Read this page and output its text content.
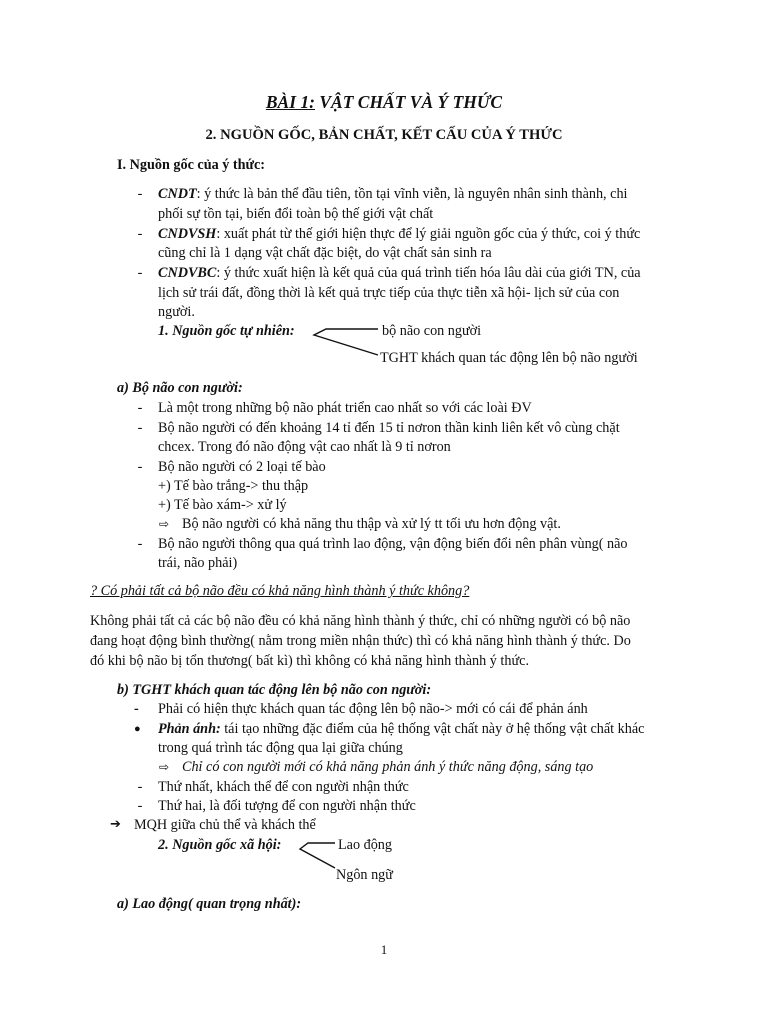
BÀI 1: VẬT CHẤT VÀ Ý THỨC
2. NGUỒN GỐC, BẢN CHẤT, KẾT CẤU CỦA Ý THỨC
I. Nguồn gốc của ý thức:
- CNDT: ý thức là bản thể đầu tiên, tồn tại vĩnh viễn, là nguyên nhân sinh thành, chi
phối sự tồn tại, biến đổi toàn bộ thế giới vật chất
- CNDVSH: xuất phát từ thế giới hiện thực để lý giải nguồn gốc của ý thức, coi ý thức
cũng chỉ là 1 dạng vật chất đặc biệt, do vật chất sản sinh ra
- CNDVBC: ý thức xuất hiện là kết quả của quá trình tiến hóa lâu dài của giới TN, của
lịch sử trái đất, đồng thời là kết quả trực tiếp của thực tiễn xã hội- lịch sử của con
người.
1. Nguồn gốc tự nhiên:	bộ não con người
TGHT khách quan tác động lên bộ não người
a) Bộ não con người:
- Là một trong những bộ não phát triển cao nhất so với các loài ĐV
- Bộ não người có đến khoảng 14 tỉ đến 15 tỉ nơron thần kinh liên kết vô cùng chặt
chcex. Trong đó não động vật cao nhất là 9 tỉ nơron
- Bộ não người có 2 loại tế bào
+) Tế bào trắng-> thu thập
+) Tế bào xám-> xử lý
⇨ Bộ não người có khả năng thu thập và xử lý tt tối ưu hơn động vật.
- Bộ não người thông qua quá trình lao động, vận động biến đổi nên phân vùng( não
trái, não phải)
? Có phải tất cả bộ não đều có khả năng hình thành ý thức không?
Không phải tất cả các bộ não đều có khả năng hình thành ý thức, chỉ có những người có bộ não
đang hoạt động bình thường( nằm trong miền nhận thức) thì có khả năng hình thành ý thức. Do
đó khi bộ não bị tổn thương( bất kì) thì không có khả năng hình thành ý thức.
b) TGHT khách quan tác động lên bộ não con người:
- Phải có hiện thực khách quan tác động lên bộ não-> mới có cái để phản ánh
● Phản ánh: tái tạo những đặc điểm của hệ thống vật chất này ở hệ thống vật chất khác
trong quá trình tác động qua lại giữa chúng
⇨ Chỉ có con người mới có khả năng phản ánh ý thức năng động, sáng tạo
- Thứ nhất, khách thể để con người nhận thức
- Thứ hai, là đối tượng để con người nhận thức
➔ MQH giữa chủ thể và khách thể
2. Nguồn gốc xã hội:	Lao động
Ngôn ngữ
a) Lao động( quan trọng nhất):
1
